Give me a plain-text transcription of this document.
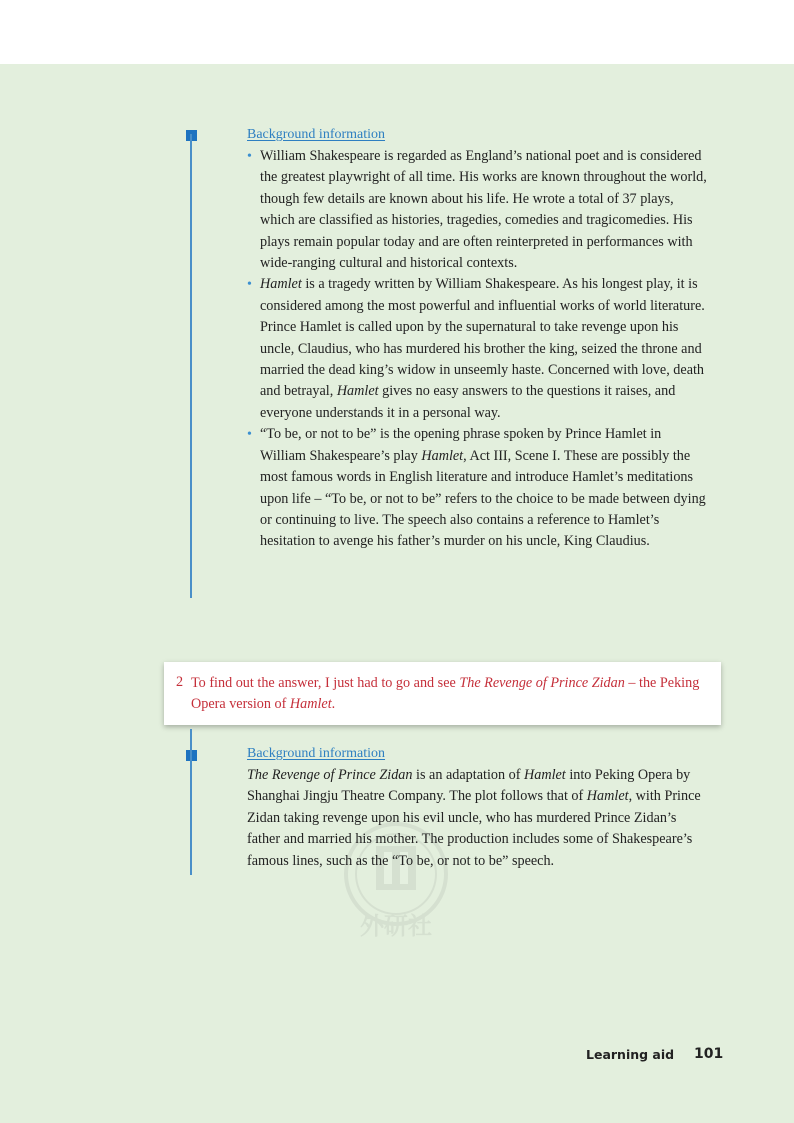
外研社
Background information
• William Shakespeare is regarded as England’s national poet and is considered the greatest playwright of all time. His works are known throughout the world, though few details are known about his life. He wrote a total of 37 plays, which are classified as histories, tragedies, comedies and tragicomedies. His plays remain popular today and are often reinterpreted in performances with wide-ranging cultural and historical contexts.
• Hamlet is a tragedy written by William Shakespeare. As his longest play, it is considered among the most powerful and influential works of world literature. Prince Hamlet is called upon by the supernatural to take revenge upon his uncle, Claudius, who has murdered his brother the king, seized the throne and married the dead king’s widow in unseemly haste. Concerned with love, death and betrayal, Hamlet gives no easy answers to the questions it raises, and everyone understands it in a personal way.
• “To be, or not to be” is the opening phrase spoken by Prince Hamlet in William Shakespeare’s play Hamlet, Act III, Scene I. These are possibly the most famous words in English literature and introduce Hamlet’s meditations upon life – “To be, or not to be” refers to the choice to be made between dying or continuing to live. The speech also contains a reference to Hamlet’s hesitation to avenge his father’s murder on his uncle, King Claudius.
2 To find out the answer, I just had to go and see The Revenge of Prince Zidan – the Peking Opera version of Hamlet.
Background information

The Revenge of Prince Zidan is an adaptation of Hamlet into Peking Opera by Shanghai Jingju Theatre Company. The plot follows that of Hamlet, with Prince Zidan taking revenge upon his evil uncle, who has murdered Prince Zidan’s father and married his mother. The production includes some of Shakespeare’s famous lines, such as the “To be, or not to be” speech.

Learning aid 101
